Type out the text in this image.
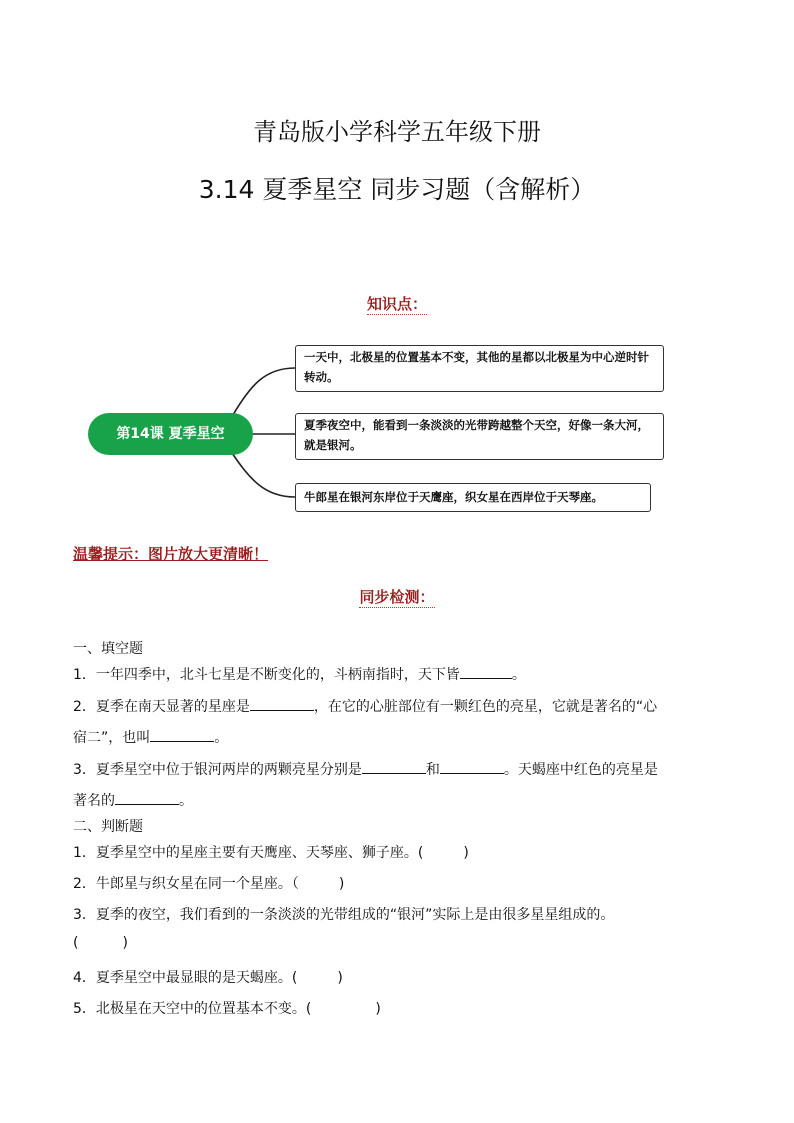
青岛版小学科学五年级下册
3.14 夏季星空 同步习题（含解析）
知识点：
第14课 夏季星空
一天中，北极星的位置基本不变，其他的星都以北极星为中心逆时针转动。
夏季夜空中，能看到一条淡淡的光带跨越整个天空，好像一条大河，就是银河。
牛郎星在银河东岸位于天鹰座，织女星在西岸位于天琴座。
温馨提示：图片放大更清晰！
同步检测：
一、填空题
1．一年四季中，北斗七星是不断变化的，斗柄南指时，天下皆	。
2．夏季在南天显著的星座是	，在它的心脏部位有一颗红色的亮星，它就是著名的“心
宿二”，也叫	。
3．夏季星空中位于银河两岸的两颗亮星分别是	和	。天蝎座中红色的亮星是
著名的	。
二、判断题
1．夏季星空中的星座主要有天鹰座、天琴座、狮子座。(	)
2．牛郎星与织女星在同一个星座。（	)
3．夏季的夜空，我们看到的一条淡淡的光带组成的“银河”实际上是由很多星星组成的。
(	)
4．夏季星空中最显眼的是天蝎座。(	)
5．北极星在天空中的位置基本不变。(	)
